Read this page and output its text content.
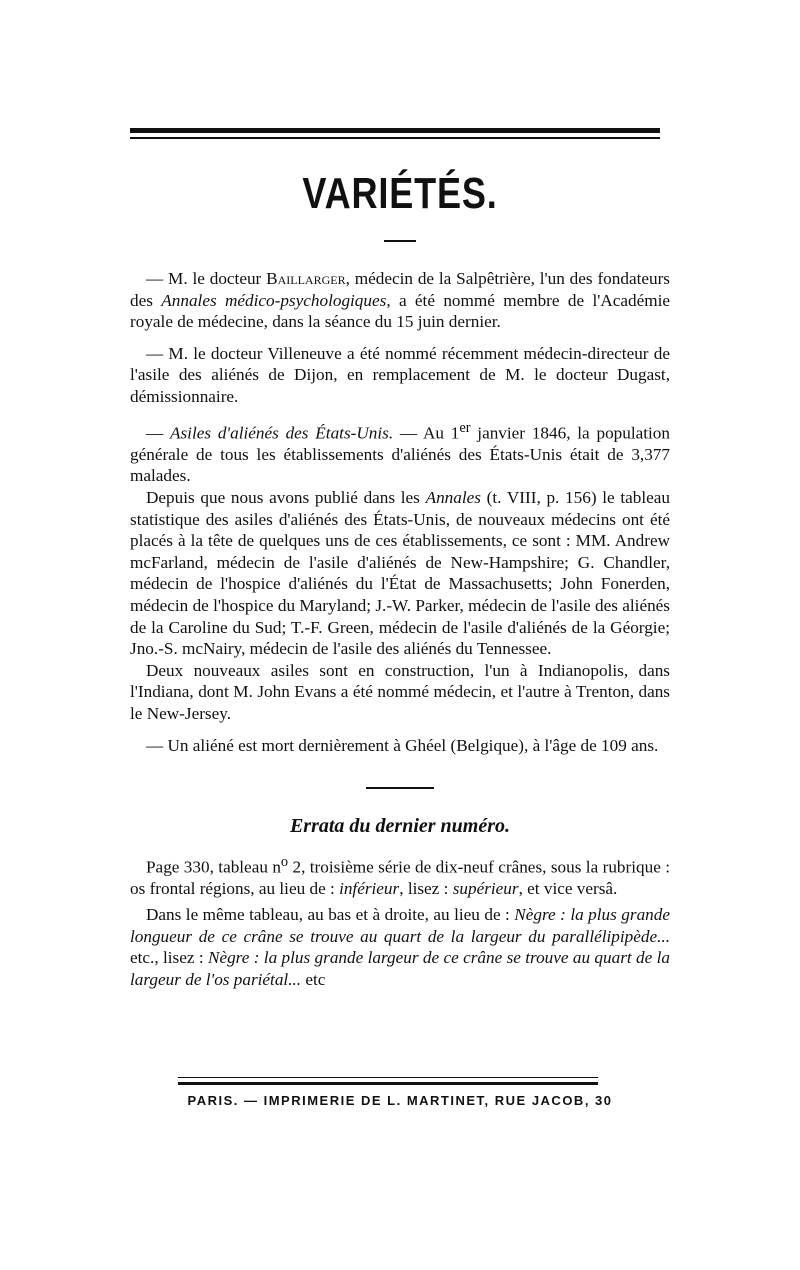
VARIÉTÉS.

— M. le docteur Baillarger, médecin de la Salpêtrière, l'un des fondateurs des Annales médico-psychologiques, a été nommé membre de l'Académie royale de médecine, dans la séance du 15 juin dernier.

— M. le docteur Villeneuve a été nommé récemment médecin-directeur de l'asile des aliénés de Dijon, en remplacement de M. le docteur Dugast, démissionnaire.

— Asiles d'aliénés des États-Unis. — Au 1er janvier 1846, la population générale de tous les établissements d'aliénés des États-Unis était de 3,377 malades.

Depuis que nous avons publié dans les Annales (t. VIII, p. 156) le tableau statistique des asiles d'aliénés des États-Unis, de nouveaux médecins ont été placés à la tête de quelques uns de ces établissements, ce sont : MM. Andrew mcFarland, médecin de l'asile d'aliénés de New-Hampshire; G. Chandler, médecin de l'hospice d'aliénés du l'État de Massachusetts; John Fonerden, médecin de l'hospice du Maryland; J.-W. Parker, médecin de l'asile des aliénés de la Caroline du Sud; T.-F. Green, médecin de l'asile d'aliénés de la Géorgie; Jno.-S. mcNairy, médecin de l'asile des aliénés du Tennessee.

Deux nouveaux asiles sont en construction, l'un à Indianopolis, dans l'Indiana, dont M. John Evans a été nommé médecin, et l'autre à Trenton, dans le New-Jersey.

— Un aliéné est mort dernièrement à Ghéel (Belgique), à l'âge de 109 ans.

Errata du dernier numéro.

Page 330, tableau $n^o$ 2, troisième série de dix-neuf crânes, sous la rubrique : os frontal régions, au lieu de : inférieur, lisez : supérieur, et vice versâ.

Dans le même tableau, au bas et à droite, au lieu de : Nègre : la plus grande longueur de ce crâne se trouve au quart de la largeur du parallélipipède... etc., lisez : Nègre : la plus grande largeur de ce crâne se trouve au quart de la largeur de l'os pariétal... etc

PARIS. — IMPRIMERIE DE L. MARTINET, RUE JACOB, 30
